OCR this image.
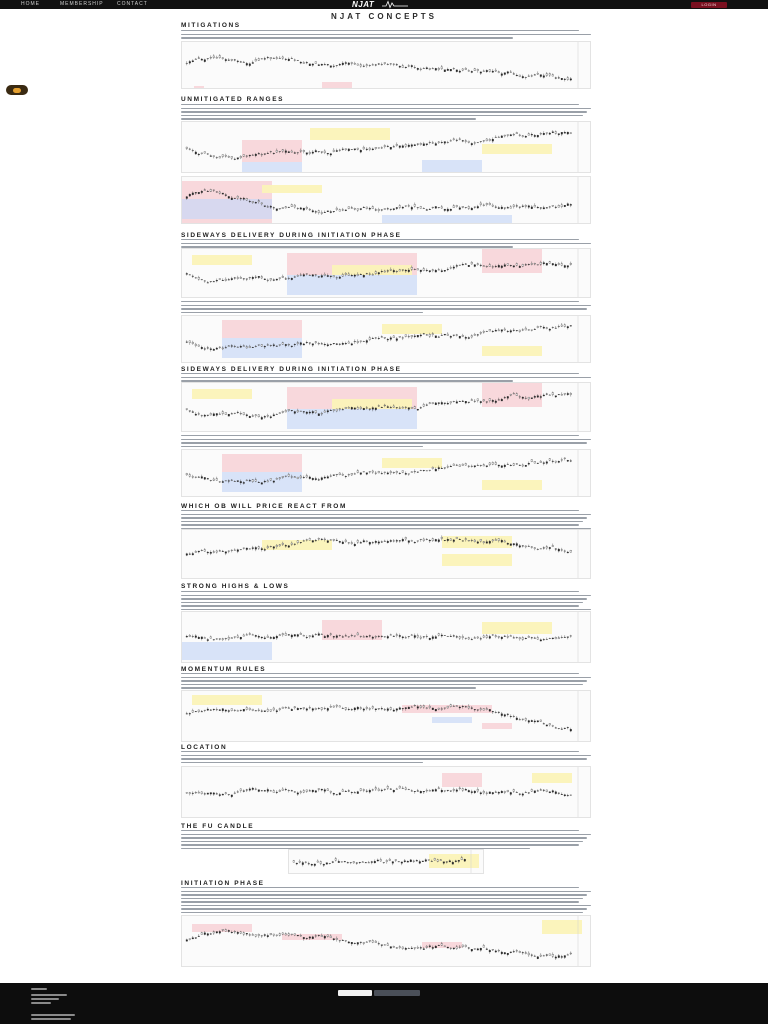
HOME	MEMBERSHIP	CONTACT	NJAT	LOGIN
NJAT CONCEPTS
MITIGATIONS
UNMITIGATED RANGES
SIDEWAYS DELIVERY DURING INITIATION PHASE
SIDEWAYS DELIVERY DURING INITIATION PHASE
WHICH OB WILL PRICE REACT FROM
STRONG HIGHS & LOWS
MOMENTUM RULES
LOCATION
THE FU CANDLE
INITIATION PHASE
